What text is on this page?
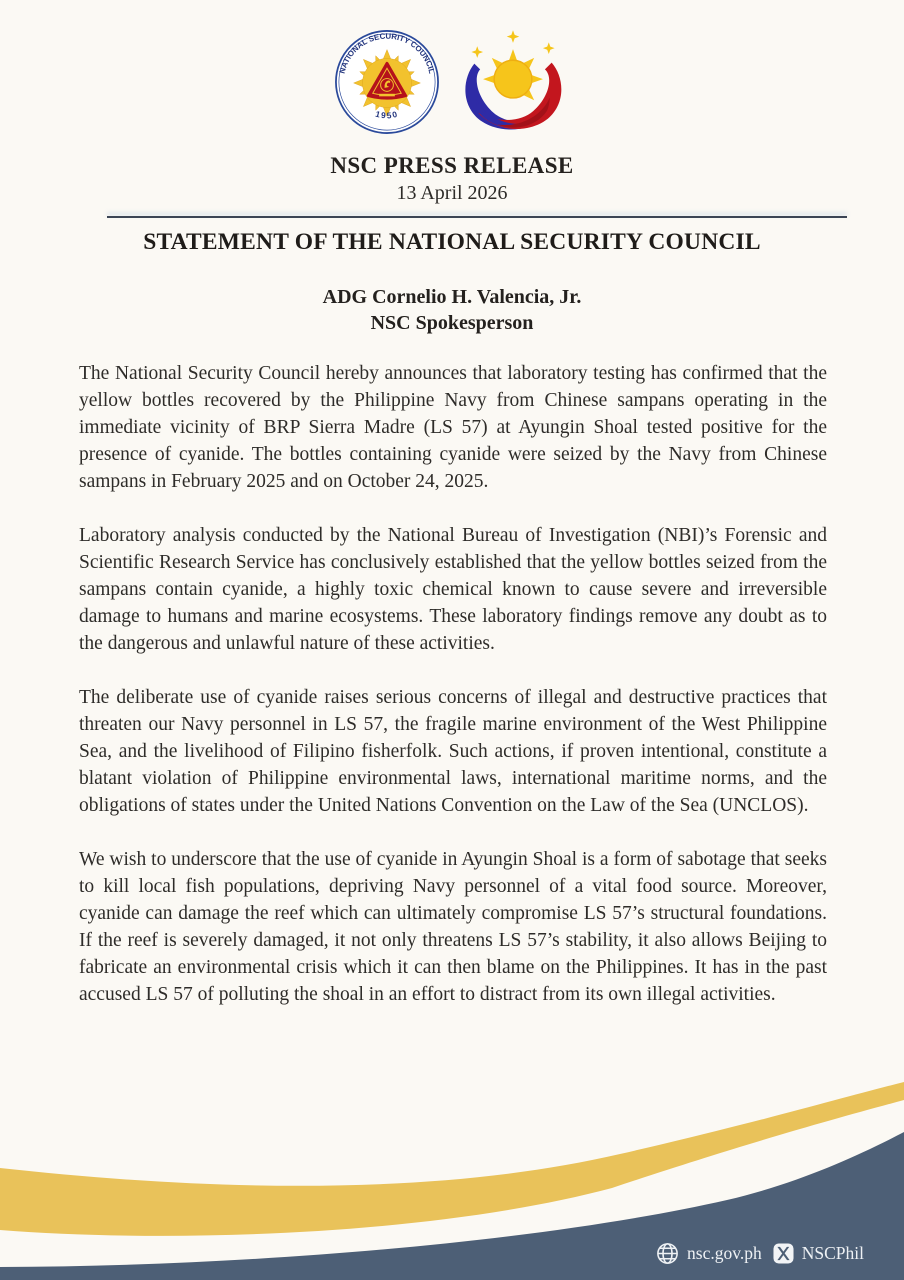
NATIONAL SECURITY COUNCIL
1950
NSC PRESS RELEASE
13 April 2026
STATEMENT OF THE NATIONAL SECURITY COUNCIL
ADG Cornelio H. Valencia, Jr.
NSC Spokesperson

The National Security Council hereby announces that laboratory testing has confirmed that the yellow bottles recovered by the Philippine Navy from Chinese sampans operating in the immediate vicinity of BRP Sierra Madre (LS 57) at Ayungin Shoal tested positive for the presence of cyanide. The bottles containing cyanide were seized by the Navy from Chinese sampans in February 2025 and on October 24, 2025.

Laboratory analysis conducted by the National Bureau of Investigation (NBI)’s Forensic and Scientific Research Service has conclusively established that the yellow bottles seized from the sampans contain cyanide, a highly toxic chemical known to cause severe and irreversible damage to humans and marine ecosystems. These laboratory findings remove any doubt as to the dangerous and unlawful nature of these activities.

The deliberate use of cyanide raises serious concerns of illegal and destructive practices that threaten our Navy personnel in LS 57, the fragile marine environment of the West Philippine Sea, and the livelihood of Filipino fisherfolk. Such actions, if proven intentional, constitute a blatant violation of Philippine environmental laws, international maritime norms, and the obligations of states under the United Nations Convention on the Law of the Sea (UNCLOS).

We wish to underscore that the use of cyanide in Ayungin Shoal is a form of sabotage that seeks to kill local fish populations, depriving Navy personnel of a vital food source. Moreover, cyanide can damage the reef which can ultimately compromise LS 57’s structural foundations. If the reef is severely damaged, it not only threatens LS 57’s stability, it also allows Beijing to fabricate an environmental crisis which it can then blame on the Philippines. It has in the past accused LS 57 of polluting the shoal in an effort to distract from its own illegal activities.

nsc.gov.ph NSCPhil
